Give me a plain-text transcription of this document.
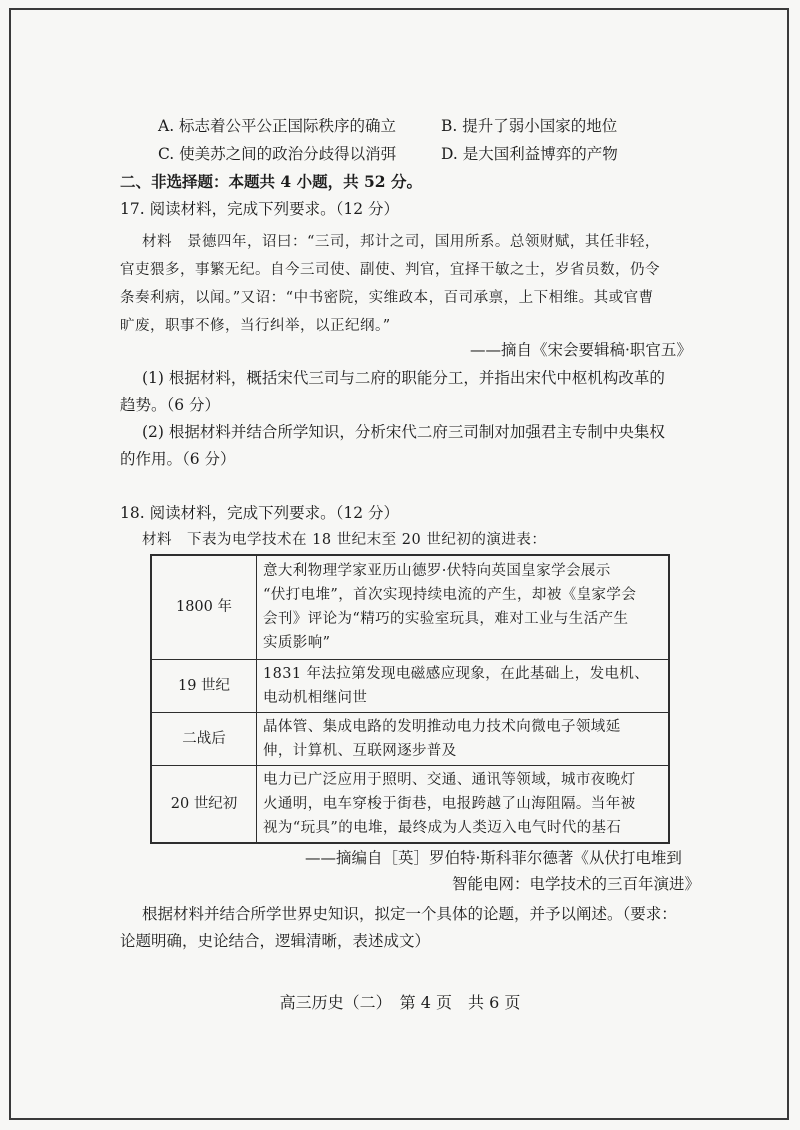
A. 标志着公平公正国际秩序的确立	B. 提升了弱小国家的地位
C. 使美苏之间的政治分歧得以消弭	D. 是大国利益博弈的产物
二、非选择题：本题共 4 小题，共 52 分。
17. 阅读材料，完成下列要求。（12 分）
材料　景德四年，诏曰：“三司，邦计之司，国用所系。总领财赋，其任非轻，
官吏猥多，事繁无纪。自今三司使、副使、判官，宜择干敏之士，岁省员数，仍令
条奏利病，以闻。”又诏：“中书密院，实维政本，百司承禀，上下相维。其或官曹
旷废，职事不修，当行纠举，以正纪纲。”
——摘自《宋会要辑稿·职官五》
(1) 根据材料，概括宋代三司与二府的职能分工，并指出宋代中枢机构改革的
趋势。（6 分）
(2) 根据材料并结合所学知识，分析宋代二府三司制对加强君主专制中央集权
的作用。（6 分）
18. 阅读材料，完成下列要求。（12 分）
材料　下表为电学技术在 18 世纪末至 20 世纪初的演进表：
1800 年	意大利物理学家亚历山德罗·伏特向英国皇家学会展示
“伏打电堆”，首次实现持续电流的产生，却被《皇家学会
会刊》评论为“精巧的实验室玩具，难对工业与生活产生
实质影响”

19 世纪	1831 年法拉第发现电磁感应现象，在此基础上，发电机、
电动机相继问世

二战后	晶体管、集成电路的发明推动电力技术向微电子领域延
伸，计算机、互联网逐步普及

20 世纪初	电力已广泛应用于照明、交通、通讯等领域，城市夜晚灯
火通明，电车穿梭于街巷，电报跨越了山海阻隔。当年被
视为“玩具”的电堆，最终成为人类迈入电气时代的基石
——摘编自［英］罗伯特·斯科菲尔德著《从伏打电堆到
智能电网：电学技术的三百年演进》
根据材料并结合所学世界史知识，拟定一个具体的论题，并予以阐述。（要求：
论题明确，史论结合，逻辑清晰，表述成文）
高三历史（二）　第 4 页　共 6 页
